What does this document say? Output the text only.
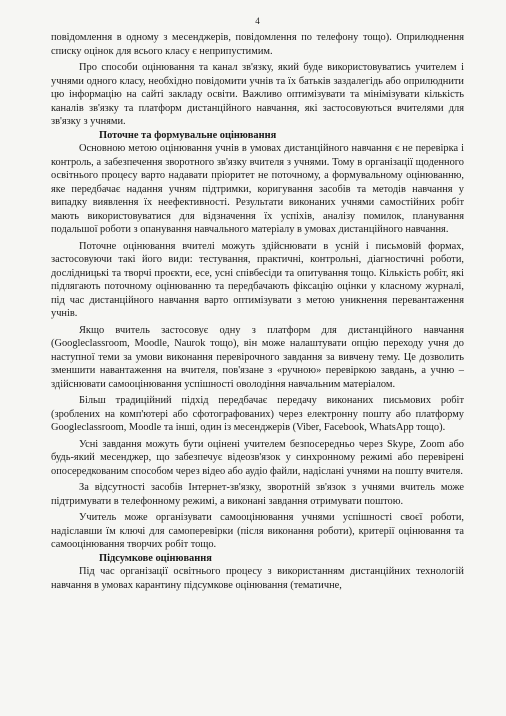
4

повідомлення в одному з месенджерів, повідомлення по телефону тощо). Оприлюднення списку оцінок для всього класу є неприпустимим.

Про способи оцінювання та канал зв'язку, який буде використовуватись учителем і учнями одного класу, необхідно повідомити учнів та їх батьків заздалегідь або оприлюднити цю інформацію на сайті закладу освіти. Важливо оптимізувати та мінімізувати кількість каналів зв'язку та платформ дистанційного навчання, які застосовуються вчителями для зв'язку з учнями.

Поточне та формувальне оцінювання

Основною метою оцінювання учнів в умовах дистанційного навчання є не перевірка і контроль, а забезпечення зворотного зв'язку вчителя з учнями. Тому в організації щоденного освітнього процесу варто надавати пріоритет не поточному, а формувальному оцінюванню, яке передбачає надання учням підтримки, коригування засобів та методів навчання у випадку виявлення їх неефективності. Результати виконаних учнями самостійних робіт мають використовуватися для відзначення їх успіхів, аналізу помилок, планування подальшої роботи з опанування навчального матеріалу в умовах дистанційного навчання.

Поточне оцінювання вчителі можуть здійснювати в усній і письмовій формах, застосовуючи такі його види: тестування, практичні, контрольні, діагностичні роботи, дослідницькі та творчі проєкти, есе, усні співбесіди та опитування тощо. Кількість робіт, які підлягають поточному оцінюванню та передбачають фіксацію оцінки у класному журналі, під час дистанційного навчання варто оптимізувати з метою уникнення перевантаження учнів.

Якщо вчитель застосовує одну з платформ для дистанційного навчання (Googleclassroom, Moodle, Naurok тощо), він може налаштувати опцію переходу учня до наступної теми за умови виконання перевірочного завдання за вивчену тему. Це дозволить зменшити навантаження на вчителя, пов'язане з «ручною» перевіркою завдань, а учню – здійснювати самооцінювання успішності оволодіння навчальним матеріалом.

Більш традиційний підхід передбачає передачу виконаних письмових робіт (зроблених на комп'ютері або сфотографованих) через електронну пошту або платформу Googleclassroom, Moodle та інші, один із месенджерів (Viber, Facebook, WhatsApp тощо).

Усні завдання можуть бути оцінені учителем безпосередньо через Skype, Zoom або будь-який месенджер, що забезпечує відеозв'язок у синхронному режимі або перевірені опосередкованим способом через відео або аудіо файли, надіслані учнями на пошту вчителя.

За відсутності засобів Інтернет-зв'язку, зворотній зв'язок з учнями вчитель може підтримувати в телефонному режимі, а виконані завдання отримувати поштою.

Учитель може організувати самооцінювання учнями успішності своєї роботи, надіславши їм ключі для самоперевірки (після виконання роботи), критерії оцінювання та самооцінювання творчих робіт тощо.

Підсумкове оцінювання

Під час організації освітнього процесу з використанням дистанційних технологій навчання в умовах карантину підсумкове оцінювання (тематичне,
